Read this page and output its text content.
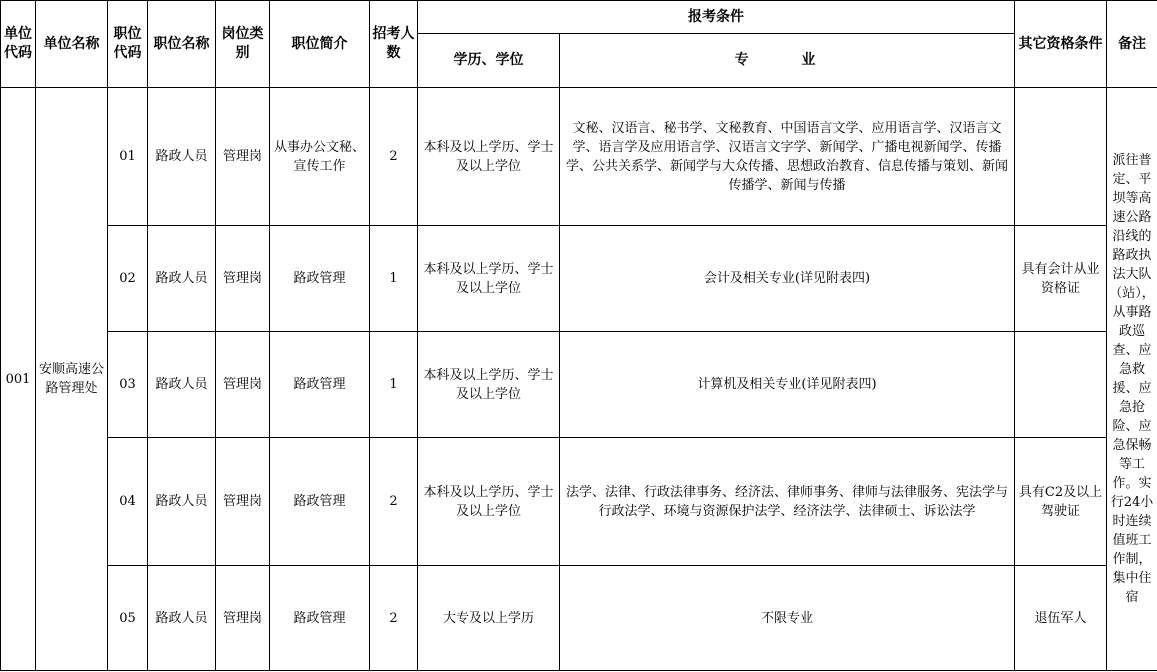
单位代码	单位名称	职位代码	职位名称	岗位类别	职位简介	招考人数	报考条件		其它资格条件	备注
							学历、学位	专 业		
001	安顺高速公路管理处	01	路政人员	管理岗	从事办公文秘、宣传工作	2	本科及以上学历、学士及以上学位	文秘、汉语言、秘书学、文秘教育、中国语言文学、应用语言学、汉语言文学、语言学及应用语言学、汉语言文字学、新闻学、广播电视新闻学、传播学、公共关系学、新闻学与大众传播、思想政治教育、信息传播与策划、新闻传播学、新闻与传播		派往普定、平坝等高速公路沿线的路政执法大队（站），从事路政巡查、应急救援、应急抢险、应急保畅等工作。实行24小时连续值班工作制，集中住宿
		02	路政人员	管理岗	路政管理	1	本科及以上学历、学士及以上学位	会计及相关专业(详见附表四)	具有会计从业资格证	
		03	路政人员	管理岗	路政管理	1	本科及以上学历、学士及以上学位	计算机及相关专业(详见附表四)		
		04	路政人员	管理岗	路政管理	2	本科及以上学历、学士及以上学位	法学、法律、行政法律事务、经济法、律师事务、律师与法律服务、宪法学与行政法学、环境与资源保护法学、经济法学、法律硕士、诉讼法学	具有C2及以上驾驶证	
		05	路政人员	管理岗	路政管理	2	大专及以上学历	不限专业	退伍军人	
